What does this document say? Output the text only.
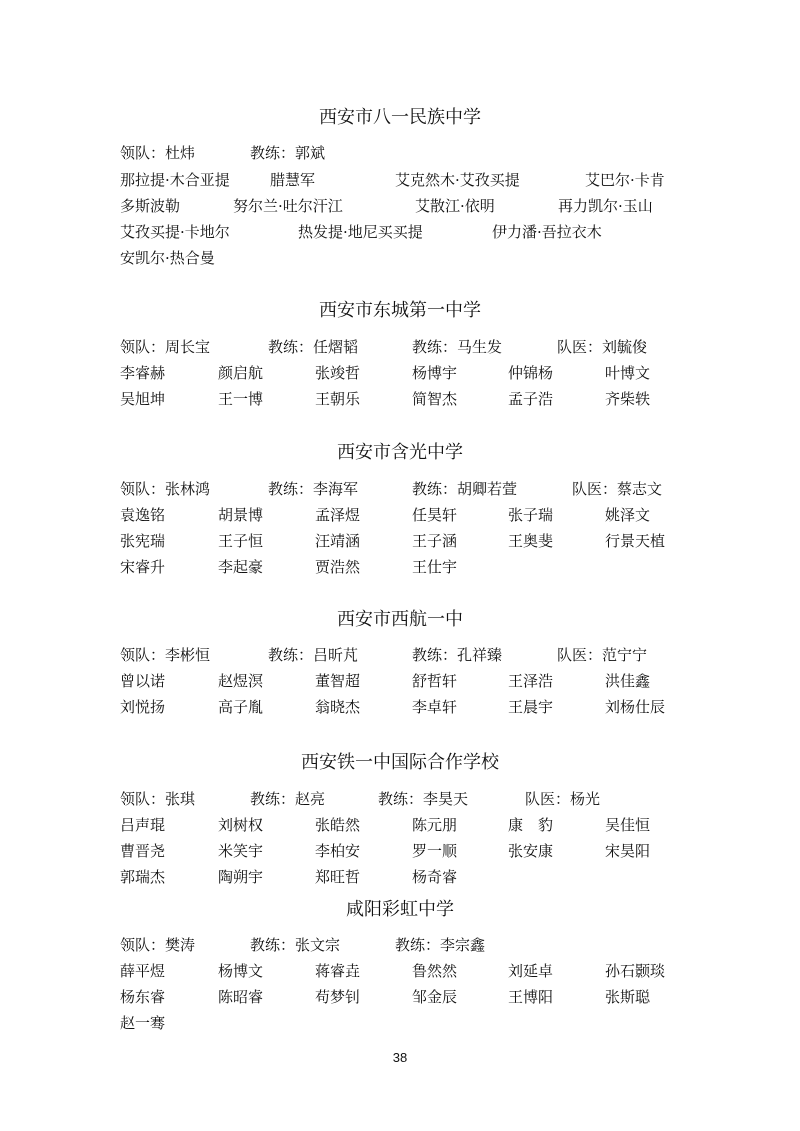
西安市八一民族中学
领队：杜炜	教练：郭斌
那拉提·木合亚提	腊慧军	艾克然木·艾孜买提	艾巴尔·卡肯
多斯波勒	努尔兰·吐尔汗江	艾散江·依明	再力凯尔·玉山
艾孜买提·卡地尔	热发提·地尼买买提	伊力潘·吾拉衣木
安凯尔·热合曼
西安市东城第一中学
领队：周长宝	教练：任熠韬	教练：马生发	队医：刘毓俊
李睿赫	颜启航	张竣哲	杨博宇	仲锦杨	叶博文
吴旭坤	王一博	王朝乐	简智杰	孟子浩	齐柴轶
西安市含光中学
领队：张林鸿	教练：李海军	教练：胡卿若萱	队医：蔡志文
袁逸铭	胡景博	孟泽煜	任昊轩	张子瑞	姚泽文
张宪瑞	王子恒	汪靖涵	王子涵	王奥斐	行景天植
宋睿升	李起豪	贾浩然	王仕宇
西安市西航一中
领队：李彬恒	教练：吕昕芃	教练：孔祥臻	队医：范宁宁
曾以诺	赵煜溟	董智超	舒哲轩	王泽浩	洪佳鑫
刘悦扬	高子胤	翁晓杰	李卓轩	王晨宇	刘杨仕辰
西安铁一中国际合作学校
领队：张琪	教练：赵亮	教练：李昊天	队医：杨光
吕声琨	刘树权	张皓然	陈元朋	康　豹	吴佳恒
曹晋尧	米笑宇	李柏安	罗一顺	张安康	宋昊阳
郭瑞杰	陶朔宇	郑旺哲	杨奇睿
咸阳彩虹中学
领队：樊涛	教练：张文宗	教练：李宗鑫
薛平煜	杨博文	蒋睿垚	鲁然然	刘延卓	孙石颢琰
杨东睿	陈昭睿	苟梦钊	邹金辰	王博阳	张斯聪
赵一骞
38
